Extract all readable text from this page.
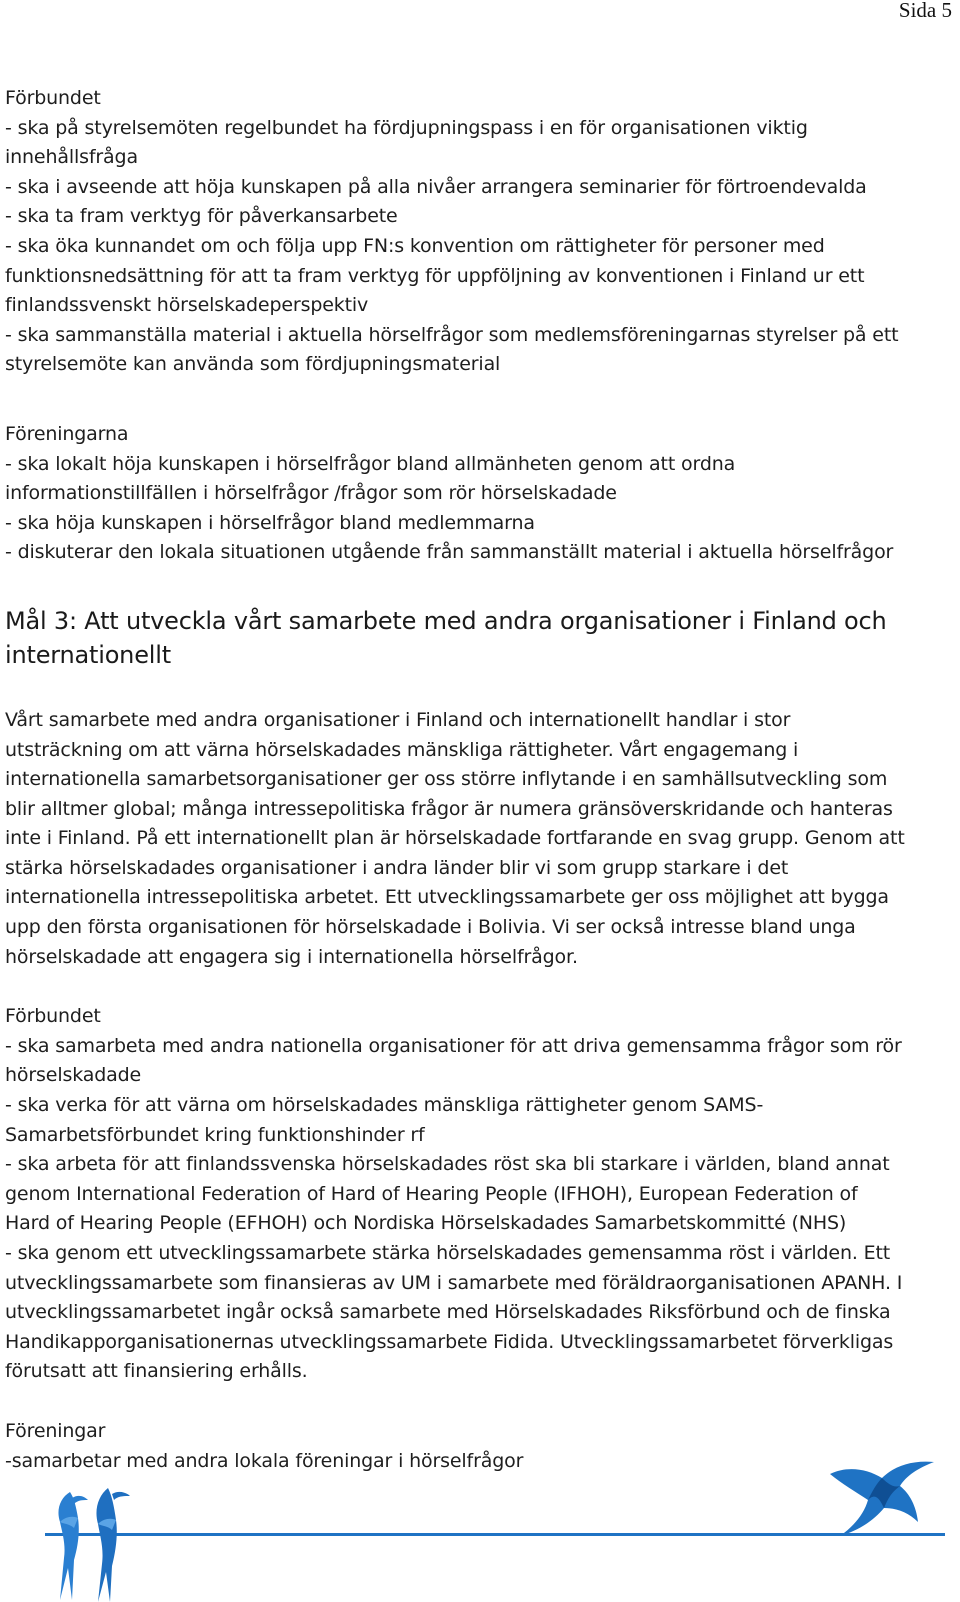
Sida 5

Förbundet

- ska på styrelsemöten regelbundet ha fördjupningspass i en för organisationen viktig
innehållsfråga
- ska i avseende att höja kunskapen på alla nivåer arrangera seminarier för förtroendevalda
- ska ta fram verktyg för påverkansarbete
- ska öka kunnandet om och följa upp FN:s konvention om rättigheter för personer med
funktionsnedsättning för att ta fram verktyg för uppföljning av konventionen i Finland ur ett
finlandssvenskt hörselskadeperspektiv
- ska sammanställa material i aktuella hörselfrågor som medlemsföreningarnas styrelser på ett
styrelsemöte kan använda som fördjupningsmaterial

Föreningarna

- ska lokalt höja kunskapen i hörselfrågor bland allmänheten genom att ordna
informationstillfällen i hörselfrågor /frågor som rör hörselskadade
- ska höja kunskapen i hörselfrågor bland medlemmarna
- diskuterar den lokala situationen utgående från sammanställt material i aktuella hörselfrågor

Mål 3: Att utveckla vårt samarbete med andra organisationer i Finland och
internationellt

Vårt samarbete med andra organisationer i Finland och internationellt handlar i stor
utsträckning om att värna hörselskadades mänskliga rättigheter. Vårt engagemang i
internationella samarbetsorganisationer ger oss större inflytande i en samhällsutveckling som
blir alltmer global; många intressepolitiska frågor är numera gränsöverskridande och hanteras
inte i Finland. På ett internationellt plan är hörselskadade fortfarande en svag grupp. Genom att
stärka hörselskadades organisationer i andra länder blir vi som grupp starkare i det
internationella intressepolitiska arbetet. Ett utvecklingssamarbete ger oss möjlighet att bygga
upp den första organisationen för hörselskadade i Bolivia. Vi ser också intresse bland unga
hörselskadade att engagera sig i internationella hörselfrågor.

Förbundet

- ska samarbeta med andra nationella organisationer för att driva gemensamma frågor som rör
hörselskadade
- ska verka för att värna om hörselskadades mänskliga rättigheter genom SAMS-
Samarbetsförbundet kring funktionshinder rf
- ska arbeta för att finlandssvenska hörselskadades röst ska bli starkare i världen, bland annat
genom International Federation of Hard of Hearing People (IFHOH), European Federation of
Hard of Hearing People (EFHOH) och Nordiska Hörselskadades Samarbetskommitté (NHS)
- ska genom ett utvecklingssamarbete stärka hörselskadades gemensamma röst i världen. Ett
utvecklingssamarbete som finansieras av UM i samarbete med föräldraorganisationen APANH. I
utvecklingssamarbetet ingår också samarbete med Hörselskadades Riksförbund och de finska
Handikapporganisationernas utvecklingssamarbete Fidida. Utvecklingssamarbetet förverkligas
förutsatt att finansiering erhålls.

Föreningar

-samarbetar med andra lokala föreningar i hörselfrågor
